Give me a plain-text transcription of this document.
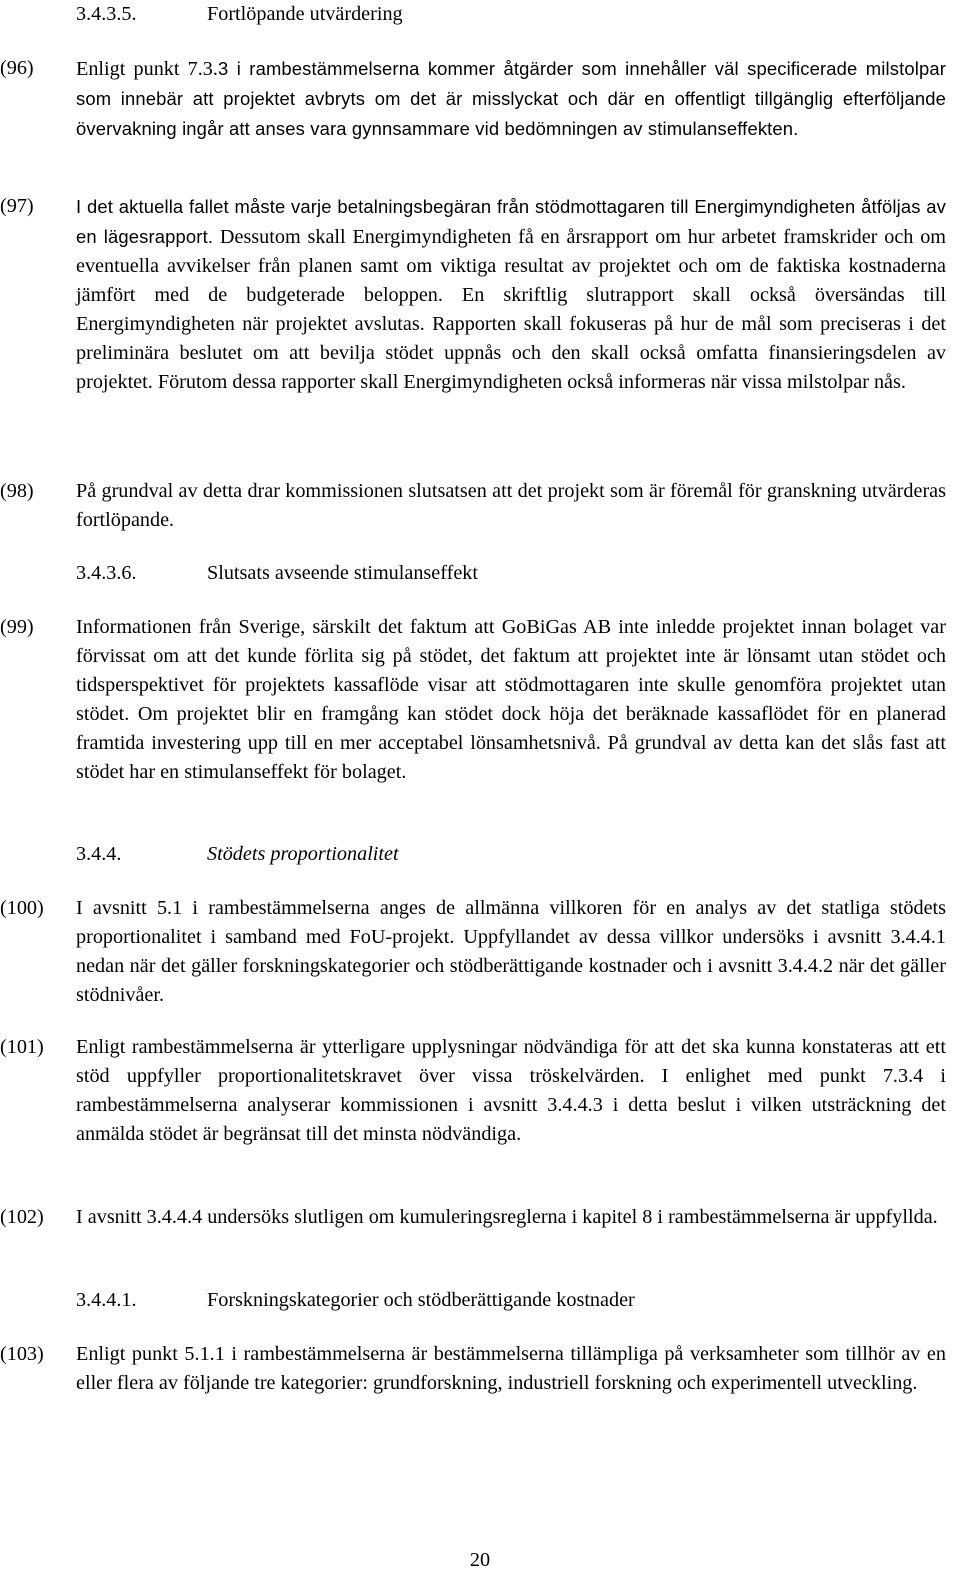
3.4.3.5.	Fortlöpande utvärdering
(96)	Enligt punkt 7.3.3 i rambestämmelserna kommer åtgärder som innehåller väl specificerade milstolpar som innebär att projektet avbryts om det är misslyckat och där en offentligt tillgänglig efterföljande övervakning ingår att anses vara gynnsammare vid bedömningen av stimulanseffekten.
(97)	I det aktuella fallet måste varje betalningsbegäran från stödmottagaren till Energimyndigheten åtföljas av en lägesrapport. Dessutom skall Energimyndigheten få en årsrapport om hur arbetet framskrider och om eventuella avvikelser från planen samt om viktiga resultat av projektet och om de faktiska kostnaderna jämfört med de budgeterade beloppen. En skriftlig slutrapport skall också översändas till Energimyndigheten när projektet avslutas. Rapporten skall fokuseras på hur de mål som preciseras i det preliminära beslutet om att bevilja stödet uppnås och den skall också omfatta finansieringsdelen av projektet. Förutom dessa rapporter skall Energimyndigheten också informeras när vissa milstolpar nås.
(98)	På grundval av detta drar kommissionen slutsatsen att det projekt som är föremål för granskning utvärderas fortlöpande.
3.4.3.6.	Slutsats avseende stimulanseffekt
(99)	Informationen från Sverige, särskilt det faktum att GoBiGas AB inte inledde projektet innan bolaget var förvissat om att det kunde förlita sig på stödet, det faktum att projektet inte är lönsamt utan stödet och tidsperspektivet för projektets kassaflöde visar att stödmottagaren inte skulle genomföra projektet utan stödet. Om projektet blir en framgång kan stödet dock höja det beräknade kassaflödet för en planerad framtida investering upp till en mer acceptabel lönsamhetsnivå. På grundval av detta kan det slås fast att stödet har en stimulanseffekt för bolaget.
3.4.4.	Stödets proportionalitet
(100)	I avsnitt 5.1 i rambestämmelserna anges de allmänna villkoren för en analys av det statliga stödets proportionalitet i samband med FoU-projekt. Uppfyllandet av dessa villkor undersöks i avsnitt 3.4.4.1 nedan när det gäller forskningskategorier och stödberättigande kostnader och i avsnitt 3.4.4.2 när det gäller stödnivåer.
(101)	Enligt rambestämmelserna är ytterligare upplysningar nödvändiga för att det ska kunna konstateras att ett stöd uppfyller proportionalitetskravet över vissa tröskelvärden. I enlighet med punkt 7.3.4 i rambestämmelserna analyserar kommissionen i avsnitt 3.4.4.3 i detta beslut i vilken utsträckning det anmälda stödet är begränsat till det minsta nödvändiga.
(102)	I avsnitt 3.4.4.4 undersöks slutligen om kumuleringsreglerna i kapitel 8 i rambestämmelserna är uppfyllda.
3.4.4.1.	Forskningskategorier och stödberättigande kostnader
(103)	Enligt punkt 5.1.1 i rambestämmelserna är bestämmelserna tillämpliga på verksamheter som tillhör av en eller flera av följande tre kategorier: grundforskning, industriell forskning och experimentell utveckling.
20
